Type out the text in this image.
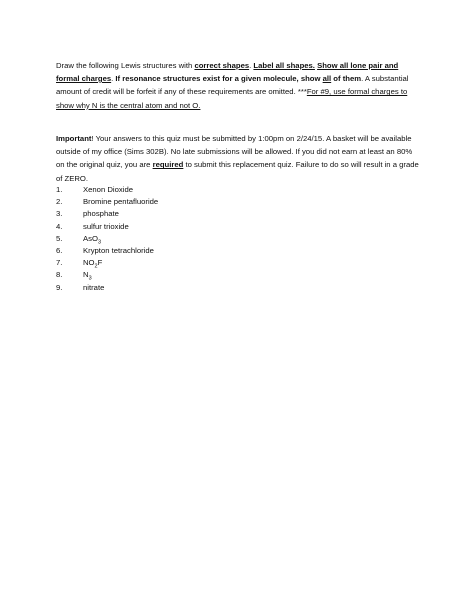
Draw the following Lewis structures with correct shapes. Label all shapes. Show all lone pair and formal charges. If resonance structures exist for a given molecule, show all of them. A substantial amount of credit will be forfeit if any of these requirements are omitted. ***For #9, use formal charges to show why N is the central atom and not O.

Important! Your answers to this quiz must be submitted by 1:00pm on 2/24/15. A basket will be available outside of my office (Sims 302B). No late submissions will be allowed. If you did not earn at least an 80% on the original quiz, you are required to submit this replacement quiz. Failure to do so will result in a grade of ZERO.

1.	Xenon Dioxide
2.	Bromine pentafluoride
3.	phosphate
4.	sulfur trioxide
5.	AsO$_3$
6.	Krypton tetrachloride
7.	$NO_2F$
8.	$N_3$
9.	nitrate
